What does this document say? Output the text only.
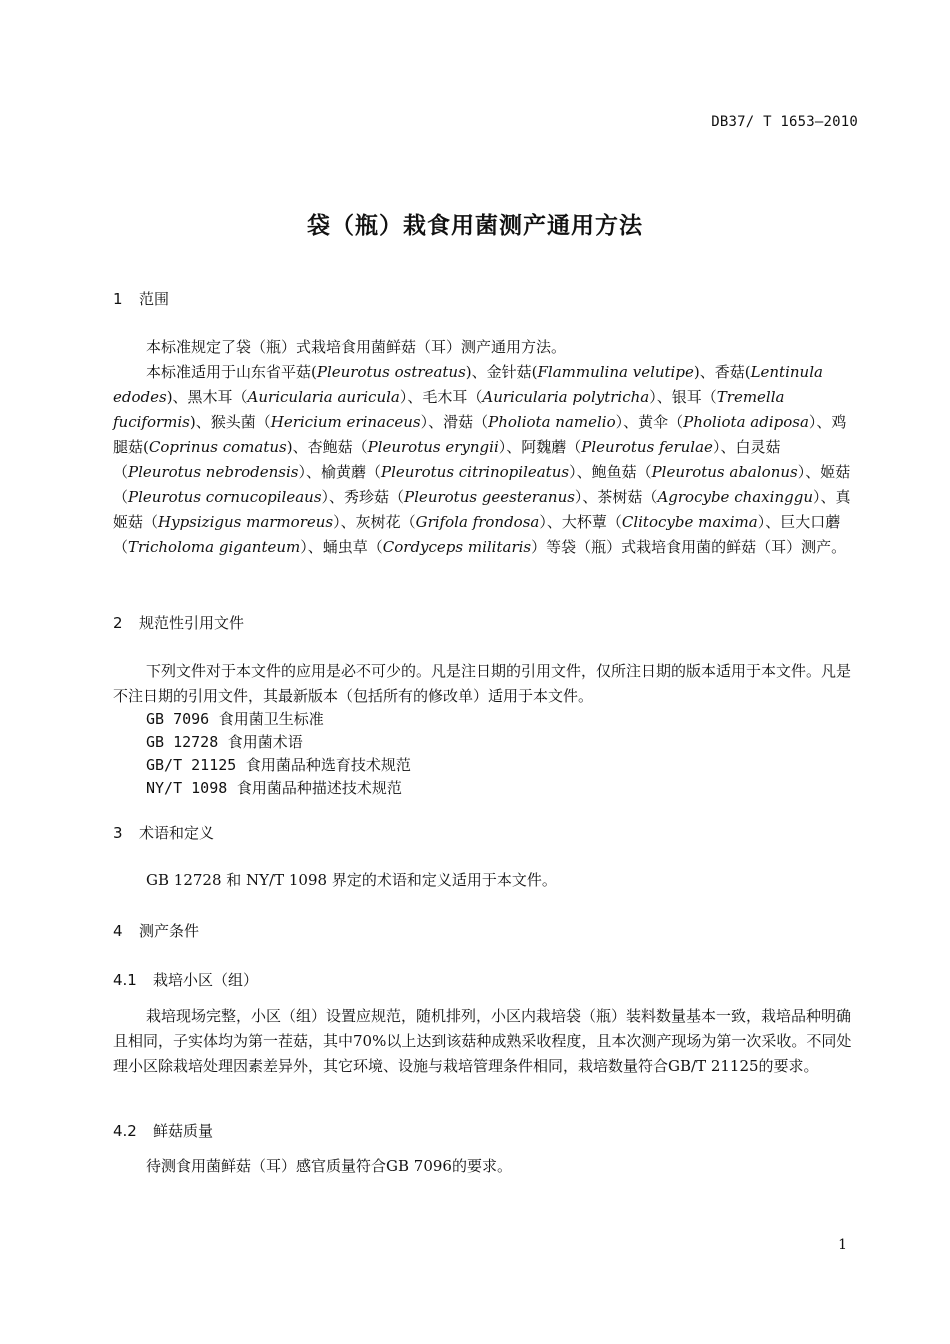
DB37/ T 1653—2010
袋（瓶）栽食用菌测产通用方法
1 范围
本标准规定了袋（瓶）式栽培食用菌鲜菇（耳）测产通用方法。
本标准适用于山东省平菇(Pleurotus ostreatus)、金针菇(Flammulina velutipe)、香菇(Lentinula edodes)、黑木耳（Auricularia auricula）、毛木耳（Auricularia polytricha）、银耳（Tremella fuciformis)、猴头菌（Hericium erinaceus）、滑菇（Pholiota namelio）、黄伞（Pholiota adiposa）、鸡腿菇(Coprinus comatus)、杏鲍菇（Pleurotus eryngii）、阿魏蘑（Pleurotus ferulae）、白灵菇（Pleurotus nebrodensis）、榆黄蘑（Pleurotus citrinopileatus）、鲍鱼菇（Pleurotus abalonus）、姬菇（Pleurotus cornucopileaus）、秀珍菇（Pleurotus geesteranus）、茶树菇（Agrocybe chaxinggu）、真姬菇（Hypsizigus marmoreus）、灰树花（Grifola frondosa）、大杯蕈（Clitocybe maxima）、巨大口蘑（Tricholoma giganteum）、蛹虫草（Cordyceps militaris）等袋（瓶）式栽培食用菌的鲜菇（耳）测产。
2 规范性引用文件
下列文件对于本文件的应用是必不可少的。凡是注日期的引用文件，仅所注日期的版本适用于本文件。凡是不注日期的引用文件，其最新版本（包括所有的修改单）适用于本文件。
GB 7096 食用菌卫生标准
GB 12728 食用菌术语
GB/T 21125 食用菌品种选育技术规范
NY/T 1098 食用菌品种描述技术规范
3 术语和定义
GB 12728 和 NY/T 1098 界定的术语和定义适用于本文件。
4 测产条件
4.1 栽培小区（组）
栽培现场完整，小区（组）设置应规范，随机排列，小区内栽培袋（瓶）装料数量基本一致，栽培品种明确且相同，子实体均为第一茬菇，其中70%以上达到该菇种成熟采收程度，且本次测产现场为第一次采收。不同处理小区除栽培处理因素差异外，其它环境、设施与栽培管理条件相同，栽培数量符合GB/T 21125的要求。
4.2 鲜菇质量
待测食用菌鲜菇（耳）感官质量符合GB 7096的要求。
1
